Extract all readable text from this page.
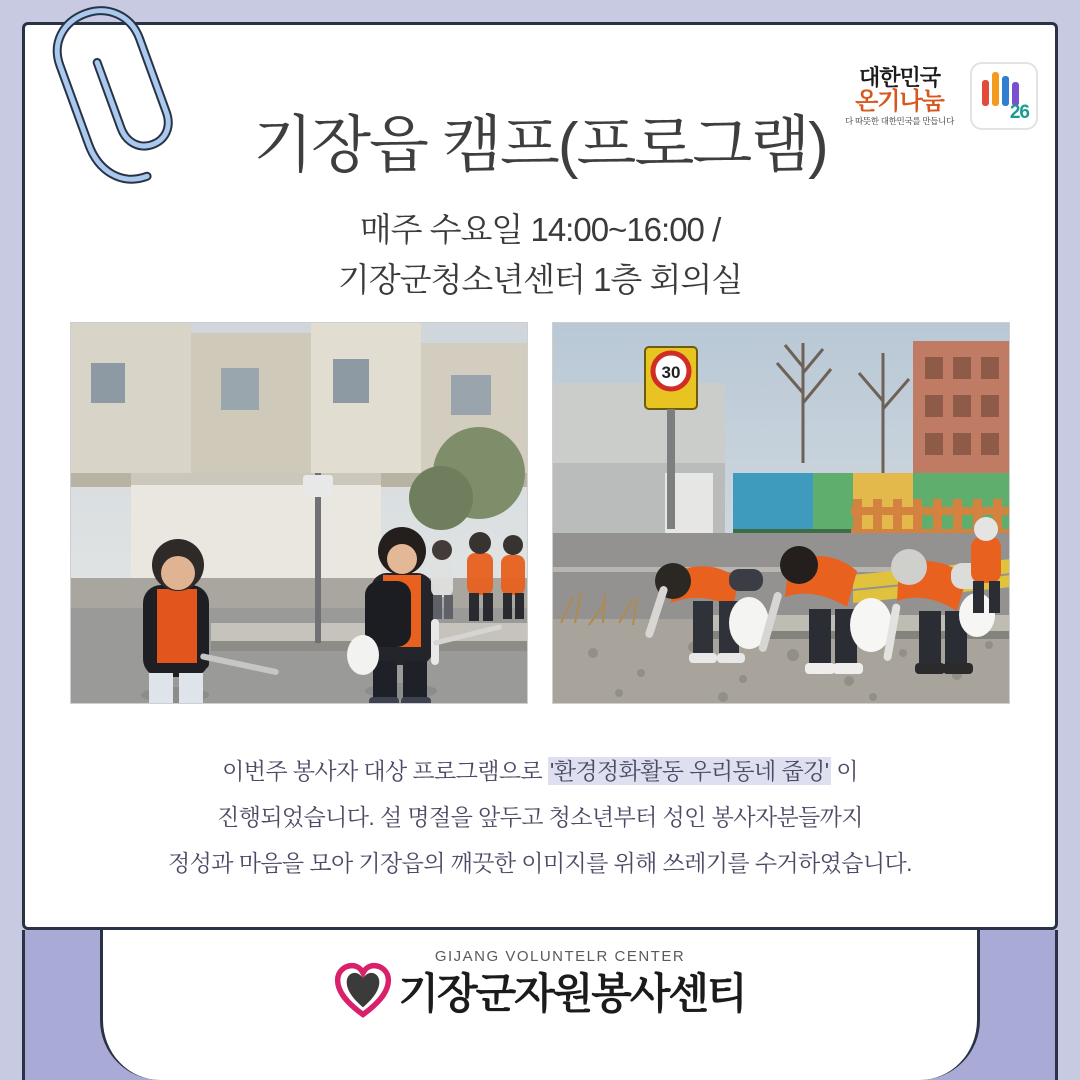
대한민국
온기나눔
다 따뜻한 대한민국를 만듭니다	26
기장읍 캠프(프로그램)
매주 수요일 14:00~16:00 /
기장군청소년센터 1층 회의실
30
이번주 봉사자 대상 프로그램으로 '환경정화활동 우리동네 줍깅' 이
진행되었습니다. 설 명절을 앞두고 청소년부터 성인 봉사자분들까지
정성과 마음을 모아 기장읍의 깨끗한 이미지를 위해 쓰레기를 수거하였습니다.
GIJANG VOLUNTELR CENTER
기장군자원봉사센티
